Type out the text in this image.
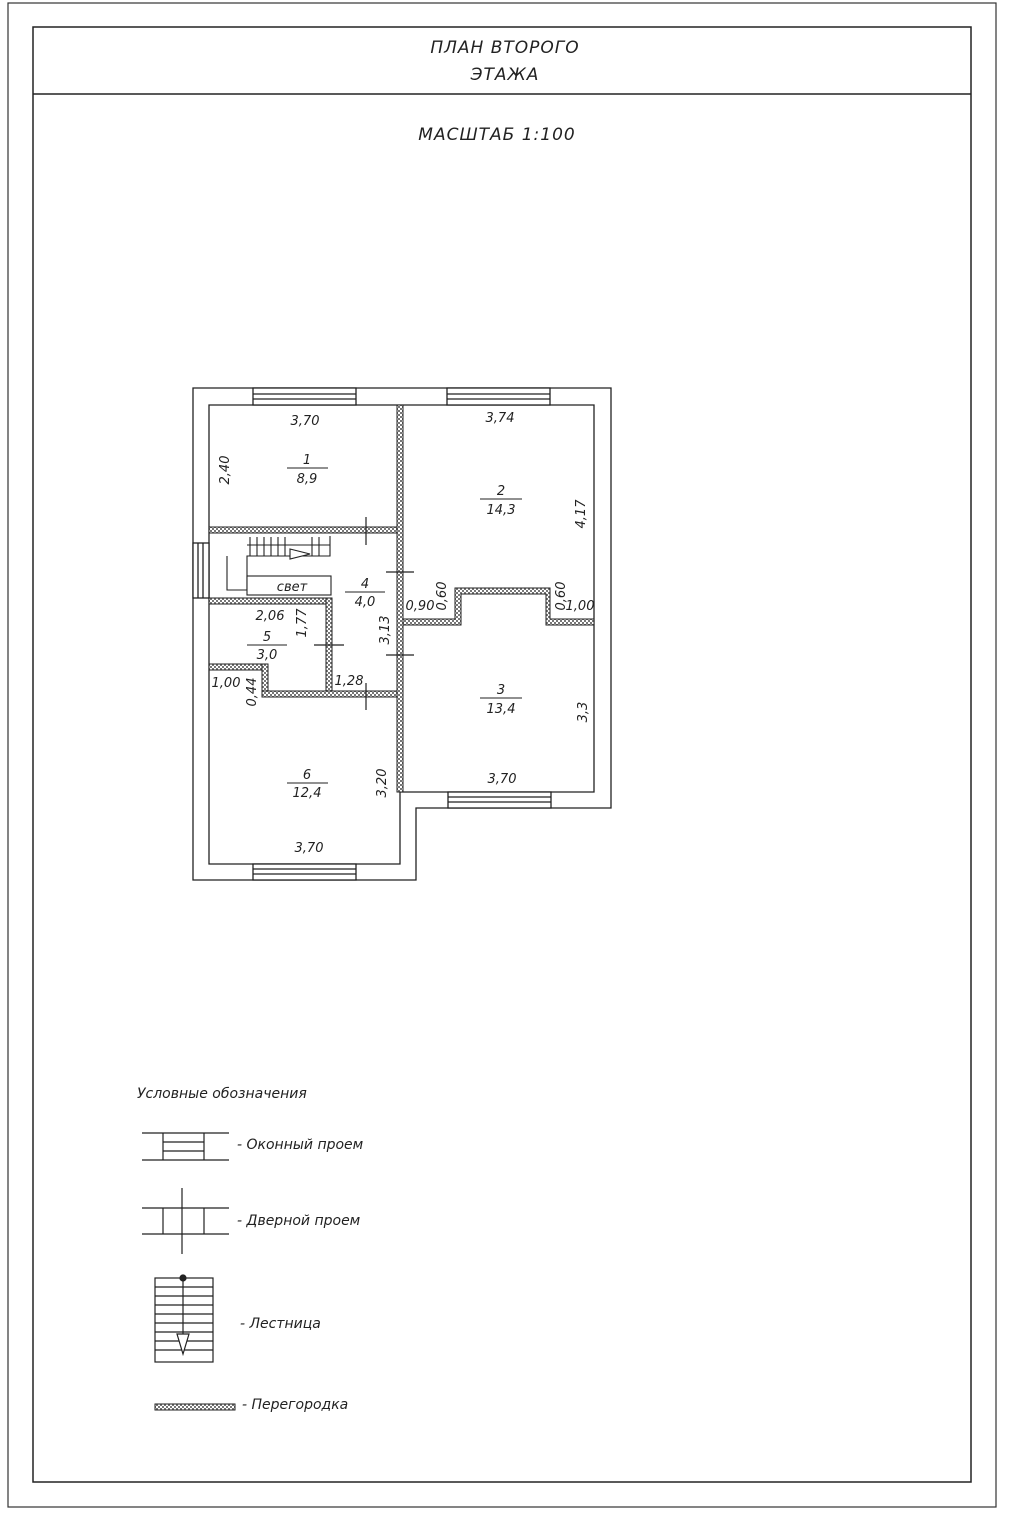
ПЛАН ВТОРОГО
ЭТАЖА
МАСШТАБ 1:100
свет
1
8,9
2
14,3
3
13,4
4
4,0
5
3,0
6
12,4
3,70
2,40
3,74
4,17
0,60	0,60
0,90	1,00
3,3
3,70
3,13
1,28
2,06 1,77
1,00 0,44
3,20
3,70
Условные обозначения
- Оконный проем
- Дверной проем
- Лестница
- Перегородка
